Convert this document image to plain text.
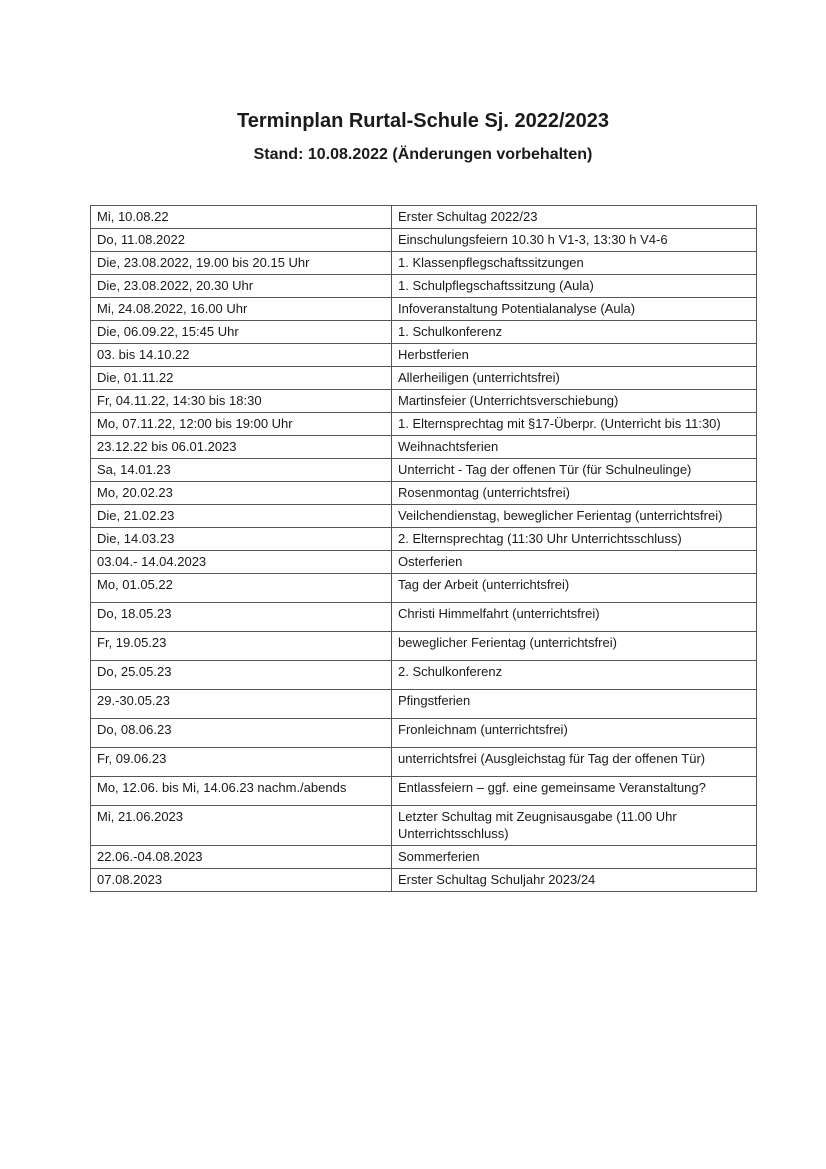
Terminplan Rurtal-Schule Sj. 2022/2023
Stand: 10.08.2022 (Änderungen vorbehalten)
Mi, 10.08.22	Erster Schultag 2022/23
Do, 11.08.2022	Einschulungsfeiern 10.30 h V1-3, 13:30 h V4-6
Die, 23.08.2022, 19.00 bis 20.15 Uhr	1. Klassenpflegschaftssitzungen
Die, 23.08.2022, 20.30 Uhr	1. Schulpflegschaftssitzung (Aula)
Mi, 24.08.2022, 16.00 Uhr	Infoveranstaltung Potentialanalyse (Aula)
Die, 06.09.22, 15:45 Uhr	1. Schulkonferenz
03. bis 14.10.22	Herbstferien
Die, 01.11.22	Allerheiligen (unterrichtsfrei)
Fr, 04.11.22, 14:30 bis 18:30	Martinsfeier (Unterrichtsverschiebung)
Mo, 07.11.22, 12:00 bis 19:00 Uhr	1. Elternsprechtag mit §17-Überpr. (Unterricht bis 11:30)
23.12.22 bis 06.01.2023	Weihnachtsferien
Sa, 14.01.23	Unterricht - Tag der offenen Tür (für Schulneulinge)
Mo, 20.02.23	Rosenmontag (unterrichtsfrei)
Die, 21.02.23	Veilchendienstag, beweglicher Ferientag (unterrichtsfrei)
Die, 14.03.23	2. Elternsprechtag (11:30 Uhr Unterrichtsschluss)
03.04.- 14.04.2023	Osterferien
Mo, 01.05.22	Tag der Arbeit (unterrichtsfrei)
Do, 18.05.23	Christi Himmelfahrt (unterrichtsfrei)
Fr, 19.05.23	beweglicher Ferientag (unterrichtsfrei)
Do, 25.05.23	2. Schulkonferenz
29.-30.05.23	Pfingstferien
Do, 08.06.23	Fronleichnam (unterrichtsfrei)
Fr, 09.06.23	unterrichtsfrei (Ausgleichstag für Tag der offenen Tür)
Mo, 12.06. bis Mi, 14.06.23 nachm./abends	Entlassfeiern – ggf. eine gemeinsame Veranstaltung?
Mi, 21.06.2023	Letzter Schultag mit Zeugnisausgabe (11.00 Uhr Unterrichtsschluss)
22.06.-04.08.2023	Sommerferien
07.08.2023	Erster Schultag Schuljahr 2023/24
